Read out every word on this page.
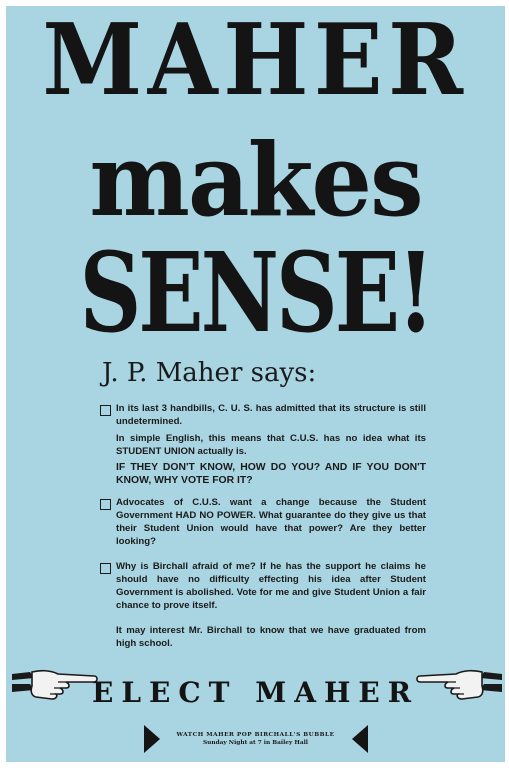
MAHER
makes
SENSE!
J. P. Maher says:
In its last 3 handbills, C. U. S. has admitted that its structure is still undetermined.
In simple English, this means that C.U.S. has no idea what its STUDENT UNION actually is.
IF THEY DON'T KNOW, HOW DO YOU? AND IF YOU DON'T KNOW, WHY VOTE FOR IT?
Advocates of C.U.S. want a change because the Student Government HAD NO POWER. What guarantee do they give us that their Student Union would have that power? Are they better looking?
Why is Birchall afraid of me? If he has the support he claims he should have no difficulty effecting his idea after Student Government is abolished. Vote for me and give Student Union a fair chance to prove itself.
It may interest Mr. Birchall to know that we have graduated from high school.
ELECT MAHER
WATCH MAHER POP BIRCHALL'S BUBBLE
Sunday Night at 7 in Bailey Hall
